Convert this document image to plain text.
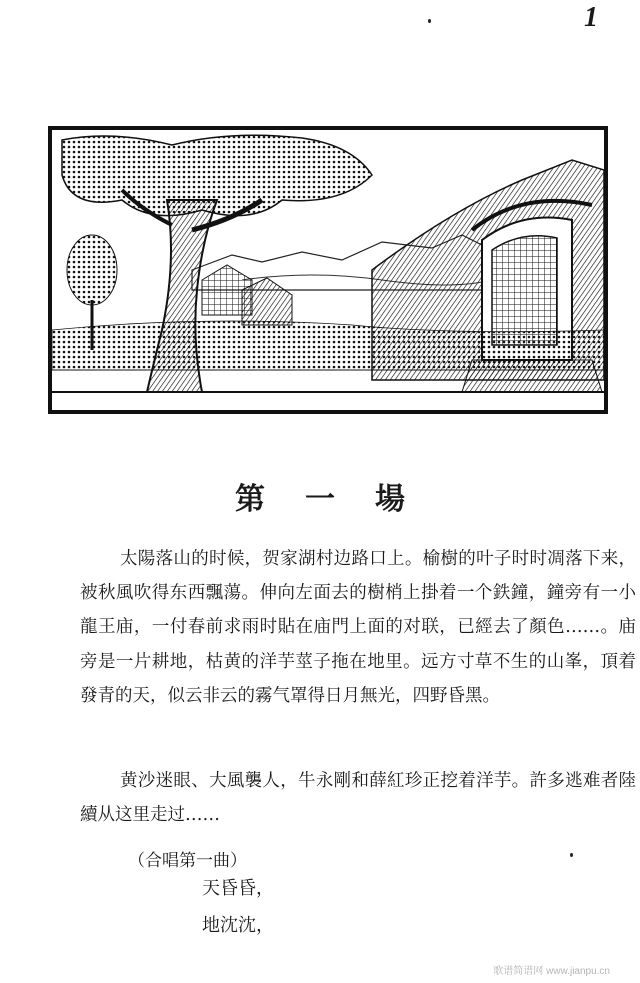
1
第一場
太陽落山的时候，贺家湖村边路口上。榆樹的叶子时时凋落下来，被秋風吹得东西飄蕩。伸向左面去的樹梢上掛着一个鉄鐘，鐘旁有一小龍王庙，一付春前求雨时貼在庙門上面的对联，已經去了顏色……。庙旁是一片耕地，枯黄的洋芋莖子拖在地里。远方寸草不生的山峯，頂着發青的天，似云非云的霧气罩得日月無光，四野昏黑。
黄沙迷眼、大風襲人，牛永剛和薛紅珍正挖着洋芋。許多逃难者陸續从这里走过……
（合唱第一曲）
天昏昏，
地沈沈，
歌谱简谱网 www.jianpu.cn
